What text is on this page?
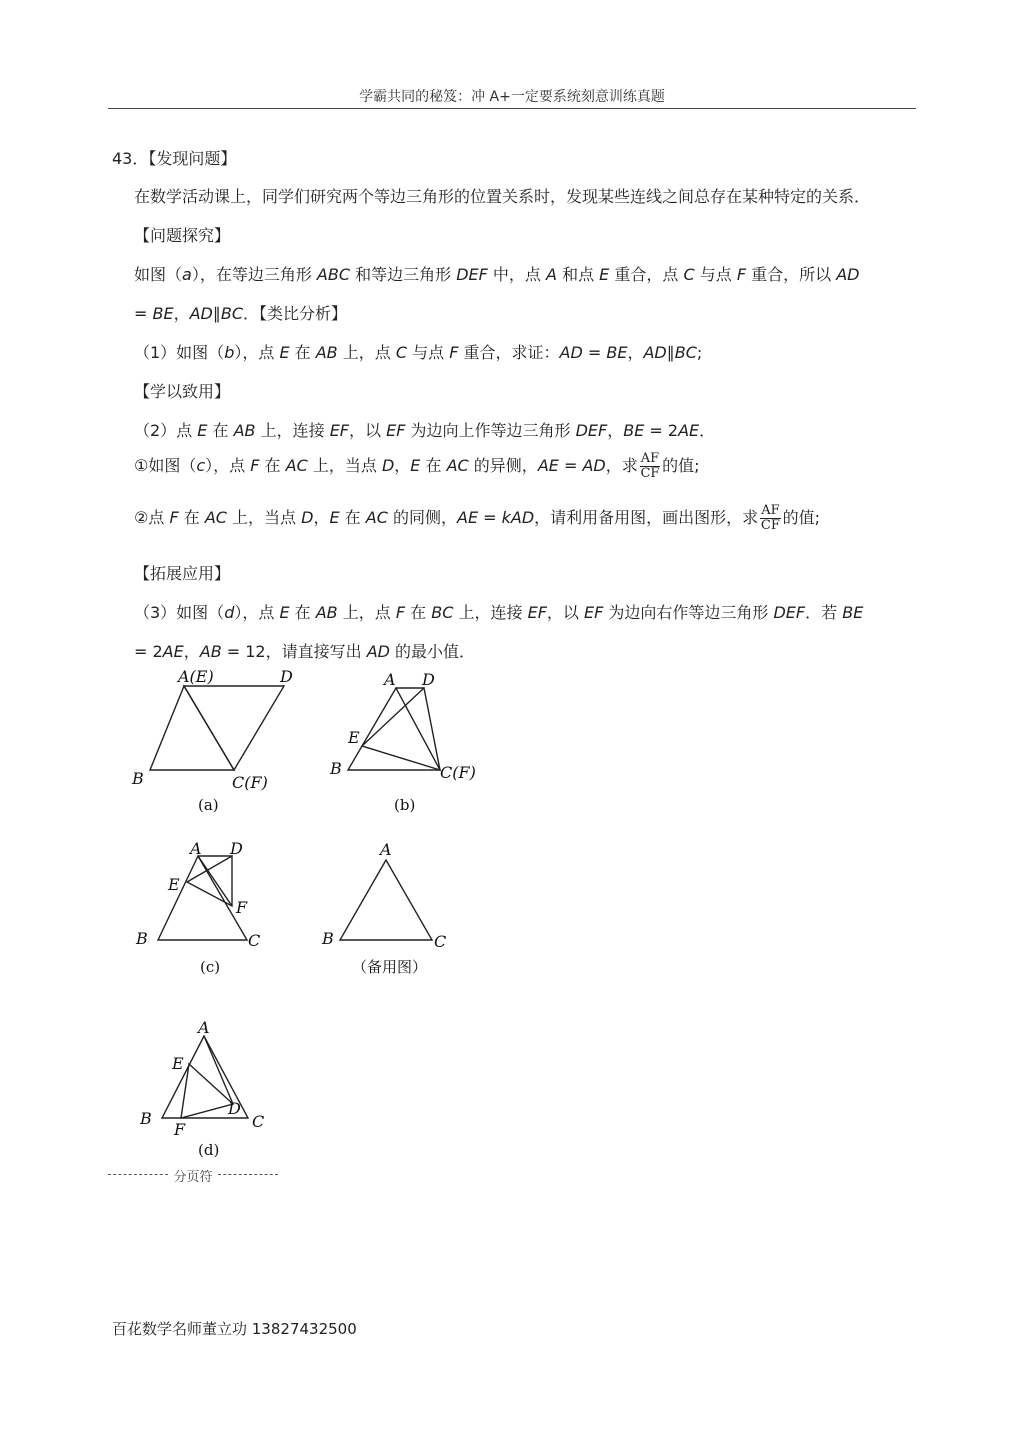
学霸共同的秘笈：冲 A+一定要系统刻意训练真题
43．【发现问题】
在数学活动课上，同学们研究两个等边三角形的位置关系时，发现某些连线之间总存在某种特定的关系．
【问题探究】
如图（a），在等边三角形 ABC 和等边三角形 DEF 中，点 A 和点 E 重合，点 C 与点 F 重合，所以 AD
= BE，AD∥BC．【类比分析】
（1）如图（b），点 E 在 AB 上，点 C 与点 F 重合，求证：AD = BE，AD∥BC;
【学以致用】
（2）点 E 在 AB 上，连接 EF，以 EF 为边向上作等边三角形 DEF，BE = 2AE．
①如图（c），点 F 在 AC 上，当点 D，E 在 AC 的异侧，AE = AD，求 $\frac{AF}{CF}$ 的值;
②点 F 在 AC 上，当点 D，E 在 AC 的同侧，AE = kAD，请利用备用图，画出图形，求 $\frac{AF}{CF}$ 的值;
【拓展应用】
（3）如图（d），点 E 在 AB 上，点 F 在 BC 上，连接 EF，以 EF 为边向右作等边三角形 DEF．若 BE
= 2AE，AB = 12，请直接写出 AD 的最小值．
A(E)	D
B	C(F)
(a)
A D
E
B	C(F)
(b)
A D
E
F
B	C
(c)
A
B	C
（备用图）
A
E
D
B
F	C
(d)
分页符
百花数学名师董立功 13827432500
